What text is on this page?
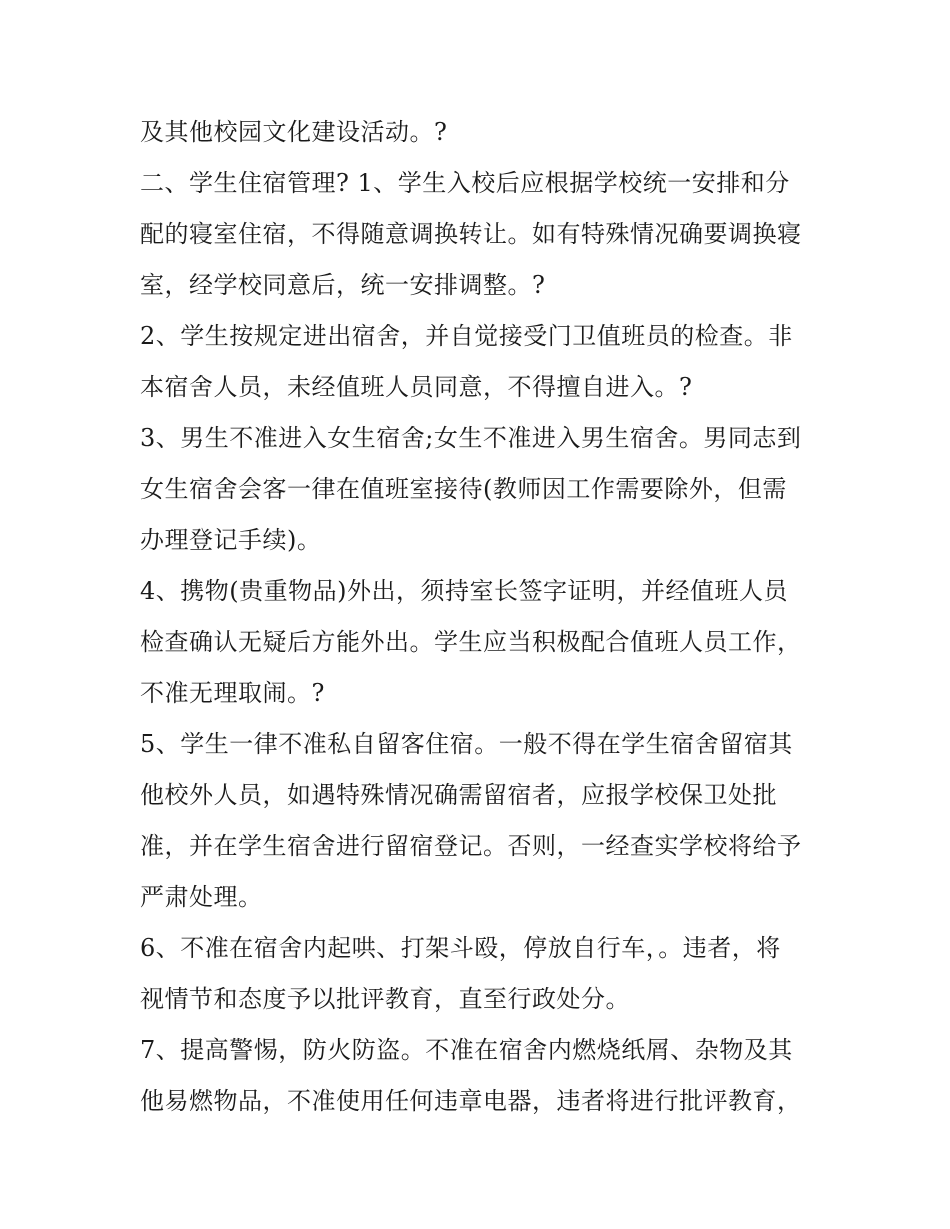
及其他校园文化建设活动。?
二、学生住宿管理? 1、学生入校后应根据学校统一安排和分
配的寝室住宿，不得随意调换转让。如有特殊情况确要调换寝
室，经学校同意后，统一安排调整。?
2、学生按规定进出宿舍，并自觉接受门卫值班员的检查。非
本宿舍人员，未经值班人员同意，不得擅自进入。?
3、男生不准进入女生宿舍;女生不准进入男生宿舍。男同志到
女生宿舍会客一律在值班室接待(教师因工作需要除外，但需
办理登记手续)。
4、携物(贵重物品)外出，须持室长签字证明，并经值班人员
检查确认无疑后方能外出。学生应当积极配合值班人员工作，
不准无理取闹。?
5、学生一律不准私自留客住宿。一般不得在学生宿舍留宿其
他校外人员，如遇特殊情况确需留宿者，应报学校保卫处批
准，并在学生宿舍进行留宿登记。否则，一经查实学校将给予
严肃处理。
6、不准在宿舍内起哄、打架斗殴，停放自行车，。违者，将
视情节和态度予以批评教育，直至行政处分。
7、提高警惕，防火防盗。不准在宿舍内燃烧纸屑、杂物及其
他易燃物品，不准使用任何违章电器，违者将进行批评教育，
